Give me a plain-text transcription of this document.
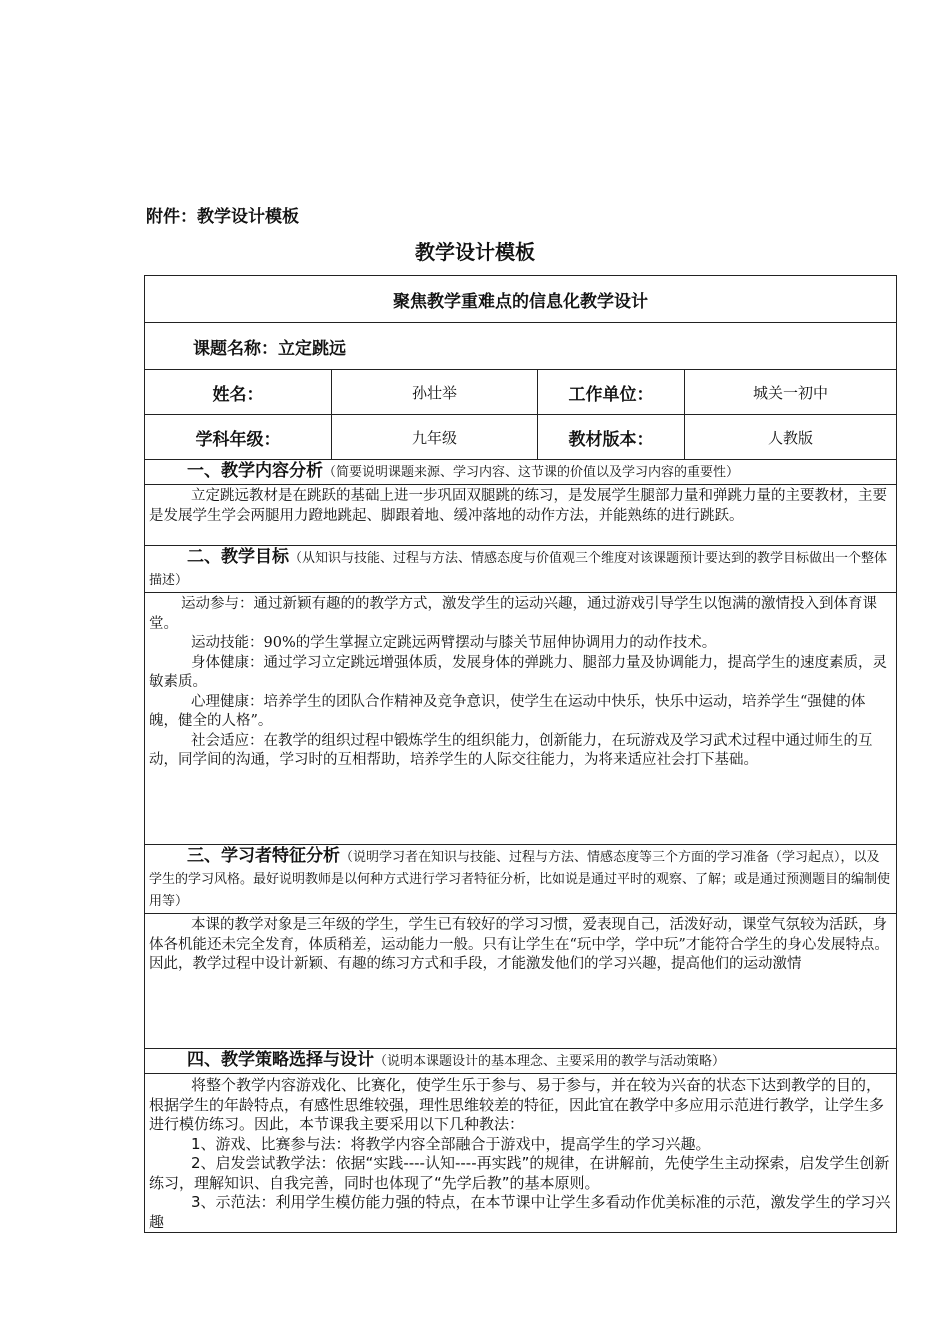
附件：教学设计模板
教学设计模板
聚焦教学重难点的信息化教学设计			
课题名称：立定跳远			
姓名：	孙壮举	工作单位：	城关一初中
学科年级：	九年级	教材版本：	人教版
一、教学内容分析（简要说明课题来源、学习内容、这节课的价值以及学习内容的重要性）			

立定跳远教材是在跳跃的基础上进一步巩固双腿跳的练习，是发展学生腿部力量和弹跳力量的主要教材，主要是发展学生学会两腿用力蹬地跳起、脚跟着地、缓冲落地的动作方法，并能熟练的进行跳跃。			

二、教学目标（从知识与技能、过程与方法、情感态度与价值观三个维度对该课题预计要达到的教学目标做出一个整体描述）			

运动参与：通过新颖有趣的的教学方式，激发学生的运动兴趣，通过游戏引导学生以饱满的激情投入到体育课堂。

运动技能：90%的学生掌握立定跳远两臂摆动与膝关节屈伸协调用力的动作技术。

身体健康：通过学习立定跳远增强体质，发展身体的弹跳力、腿部力量及协调能力，提高学生的速度素质，灵敏素质。

心理健康：培养学生的团队合作精神及竞争意识，使学生在运动中快乐，快乐中运动，培养学生“强健的体魄，健全的人格”。

社会适应：在教学的组织过程中锻炼学生的组织能力，创新能力，在玩游戏及学习武术过程中通过师生的互动，同学间的沟通，学习时的互相帮助，培养学生的人际交往能力，为将来适应社会打下基础。			

三、学习者特征分析（说明学习者在知识与技能、过程与方法、情感态度等三个方面的学习准备（学习起点），以及学生的学习风格。最好说明教师是以何种方式进行学习者特征分析，比如说是通过平时的观察、了解；或是通过预测题目的编制使用等）			

本课的教学对象是三年级的学生，学生已有较好的学习习惯，爱表现自己，活泼好动，课堂气氛较为活跃，身体各机能还未完全发育，体质稍差，运动能力一般。只有让学生在“玩中学，学中玩”才能符合学生的身心发展特点。因此，教学过程中设计新颖、有趣的练习方式和手段，才能激发他们的学习兴趣，提高他们的运动激情			

四、教学策略选择与设计（说明本课题设计的基本理念、主要采用的教学与活动策略）			

将整个教学内容游戏化、比赛化，使学生乐于参与、易于参与，并在较为兴奋的状态下达到教学的目的，根据学生的年龄特点，有感性思维较强，理性思维较差的特征，因此宜在教学中多应用示范进行教学，让学生多进行模仿练习。因此，本节课我主要采用以下几种教法：

1、游戏、比赛参与法：将教学内容全部融合于游戏中，提高学生的学习兴趣。

2、启发尝试教学法：依据“实践----认知----再实践”的规律，在讲解前，先使学生主动探索，启发学生创新练习，理解知识、自我完善，同时也体现了“先学后教”的基本原则。

3、示范法：利用学生模仿能力强的特点，在本节课中让学生多看动作优美标准的示范，激发学生的学习兴趣			
